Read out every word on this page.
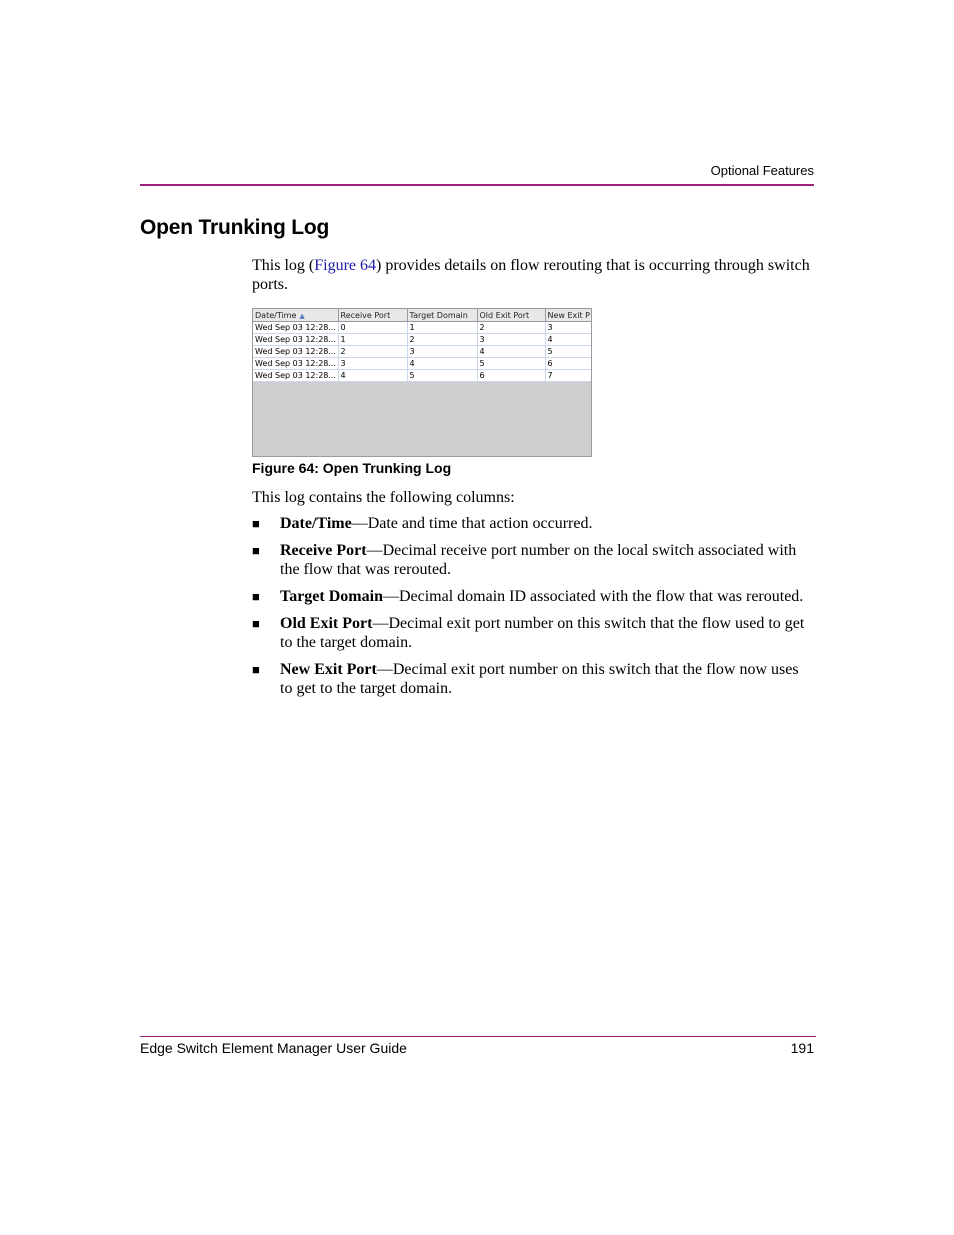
Optional Features
Open Trunking Log

This log (Figure 64) provides details on flow rerouting that is occurring through switch ports.

Date/Time ▲	Receive Port	Target Domain	Old Exit Port	New Exit P
Wed Sep 03 12:28...	0	1	2	3
Wed Sep 03 12:28...	1	2	3	4
Wed Sep 03 12:28...	2	3	4	5
Wed Sep 03 12:28...	3	4	5	6
Wed Sep 03 12:28...	4	5	6	7
Figure 64: Open Trunking Log

This log contains the following columns:

■ Date/Time—Date and time that action occurred.
■ Receive Port—Decimal receive port number on the local switch associated with the flow that was rerouted.
■ Target Domain—Decimal domain ID associated with the flow that was rerouted.
■ Old Exit Port—Decimal exit port number on this switch that the flow used to get to the target domain.
■ New Exit Port—Decimal exit port number on this switch that the flow now uses to get to the target domain.
Edge Switch Element Manager User Guide	191
